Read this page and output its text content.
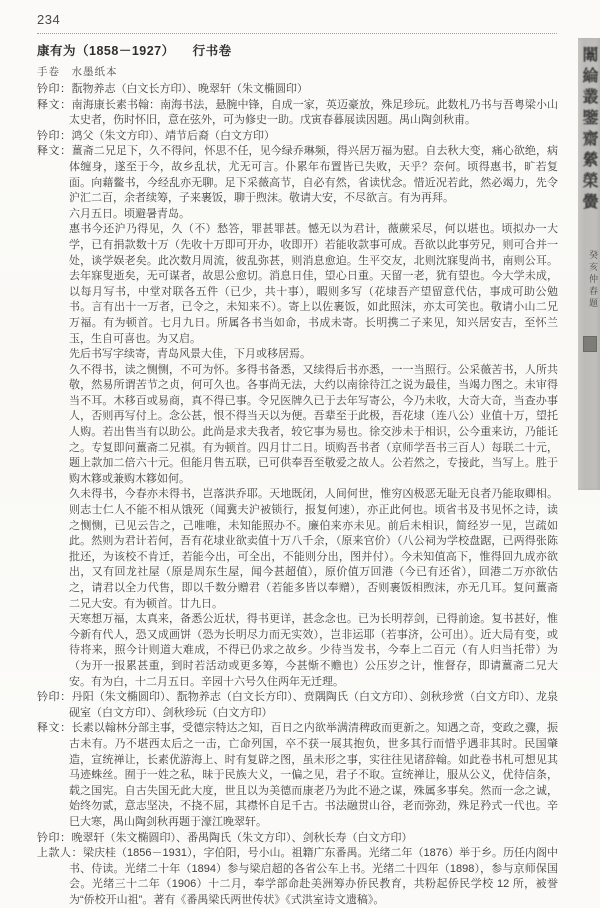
234
康有为（1858－1927） 行书卷
手卷　水墨纸本
钤印：翫物养志（白文长方印）、晚翠轩（朱文椭圆印）
释文：南海康长素书翰：南海书法，悬腕中锋，自成一家，英迈豪放，殊足珍玩。此数札乃书与吾粤梁小山太史者，伤时怀旧，意在弦外，可为修史一助。戊寅春暮展读因题。禺山陶剑秋甫。
钤印：鸿父（朱文方印）、靖节后裔（白文方印）
释文：薑斋二兄足下，久不得问，怀思不任，见今绿乔琳频，得兴居万福为慰。自去秋大变，痛心欲绝，病体缠身，遂至于今，故乡乱状，尤无可言。仆累年布置皆已失败，天乎？奈何。顷得惠书，旷若复面。向藉鳖书，今经乱亦无聊。足下采薇高节，自必有然，省读忧念。惜近况若此，然必竭力，先令沪汇二百，余者续筹，子来裹饭，聊于煦沫。敬请大安，不尽欲言。有为再拜。
六月五日。顷避暑青岛。
惠书今还沪乃得见，久（不）愁答，罪甚罪甚。憾无以为君计，薇蕨采尽，何以堪也。顷拟办一大学，已有捐款数十万（先收十万即可开办，收即开）若能收款事可成。吾欲以此事劳兄，则可合并一处，谈学娱老矣。此次数月周流，彼乱弥甚，则消息愈迫。生平交友，北则沈寐叟尚书，南则公耳。去年寐叟逝矣，无可谋者，故思公愈切。消息日佳，望心日重。天留一老，犹有望也。今大学未成，以每月写书，中堂对联各五件（已少，共十事），暇则多写（花埭吾产望留意代估，事成可助公勉书。言有出十一万者，已令之，未知来不）。寄上以佐裹饭，如此照沫，亦太可笑也。敬请小山二兄万福。有为顿首。七月九日。所属各书当如命，书成未寄。长明携二子来见，知兴居安吉，至怀兰玉，生自可喜也。为又启。
先后书写字续寄，青岛风景大佳，下月或移居焉。
久不得书，读之恻恻，不可为怀。多得书备悉，又续得后书亦悉，一一当照行。公采薇苦书，人所共敬，然易所谓苦节之贞，何可久也。各事尚无法，大约以南徐待江之说为最佳，当竭力图之。未审得当不耳。木移百或易商，真不得已事。令兄医牌久已于去年写寄公，今乃未收，大奇大奇，当查办事人，否则再写付上。念公甚，恨不得当天以为便。吾辈至于此极，吾花埭（连八公）业值十万，望托人购。若出售当有以助公。此尚是求夫我者，较它事为易也。徐交涉未于相识，公今重来访，乃能讬之。专复即问薑斋二兄祺。有为顿首。四月廿二日。顷购吾书者（京师学吾书三百人）每联二十元，题上款加二倍六十元。但能月售五联，已可供奉吾至敬爱之故人。公若然之，专接此，当写上。胜于购木簃或兼购木簃如何。
久未得书，今春亦未得书，岂落洪乔耶。天地既闭，人间何世，惟穷凶极恶无耻无良者乃能取卿相。则志士仁人不能不相从饿死（闻冀夫沪被锁行，报复何速），亦正此何也。顷省书及书见怀之诗，读之恻恻，已见云告之，己唯唯，未知能照办不。廉伯来亦未见。前后未相识，简经岁一见，岂疏如此。然则为君计若何，吾有花埭业欲卖值十万八千余，（原来官价）（八公祠为学校盘踞，已两得张陈批还，为该校不肯迁，若能今出，可全出，不能则分出，图并付）。今未知值高下，惟得回九成亦欲出，又有回龙社屋（原是周东生屋，闻今甚超值），原价值万回港（今已有还省），回港二万亦欲估之，请君以全力代售，即以千数分赠君（若能多皆以奉赠），否则裹饭相煦沫，亦无几耳。复问薑斋二兄大安。有为顿首。廿九日。
天寒想万福，太真来，备悉公近状，得书更详，甚念念也。已为长明荐剑，已得前途。复书甚好，惟今新有代人，恐又成画饼（恐为长明尽力而无实效），岂非运耶（若事济，公可出）。近大局有变，或待将来，照今计则道大难成，不得已仍求之故乡。少待当发书，今奉上二百元（有人归当托带）为（为开一报累甚重，到时若活动或更多筹，今甚惭不赡也）公压岁之计，惟督存，即请薑斋二兄大安。有为白，十二月五日。辛园十六号久住两年无迁理。
钤印：丹阳（朱文椭圆印）、翫物养志（白文长方印）、贲隅陶氏（白文方印）、剑秋珍赏（白文方印）、龙泉砚室（白文方印）、剑秋珍玩（白文方印）
释文：长素以翰林分部主事，受德宗特达之知，百日之内欲举满清稗政而更新之。知遇之奇，变政之骤，振古未有。乃不堪西太后之一击，亡命列国，卒不获一展其抱负，世多其行而惜乎遇非其时。民国肇造，宣统禅让，长素优游海上、时有复辟之图，虽未形之事，实往往见诸辞翰。如此卷书札可想见其马迹蛛丝。囿于一姓之私，昧于民族大义，一偏之见，君子不取。宣统禅让，服从公义，优待信条，载之国宪。自古失国无此大度，世且以为美德而康老乃为此不逊之谋，殊属多事矣。然而一念之诚，始终勿贰，意志坚决，不挠不屈，其襟怀自足千古。书法融贯山谷，老而弥劲，殊足矜式一代也。辛巳大寒，禺山陶剑秋再题于濠江晚翠轩。
钤印：晚翠轩（朱文椭圆印）、番禺陶氏（朱文方印）、剑秋长寿（白文方印）
上款人：梁庆桂（1856－1931），字伯阳，号小山。祖籍广东番禺。光绪二年（1876）举于乡。历任内阁中书、侍读。光绪二十年（1894）参与梁启超的各省公车上书。光绪二十四年（1898），参与京师保国会。光绪三十二年（1906）十二月，奉学部命赴美洲筹办侨民教育，共粉起侨民学校 12 所，被誉为“侨校开山祖”。著有《番禺梁氏两世传状》《式洪室诗文遗稿》。
闈綸叢鑒齋縈榮黌
癸亥仲春題
